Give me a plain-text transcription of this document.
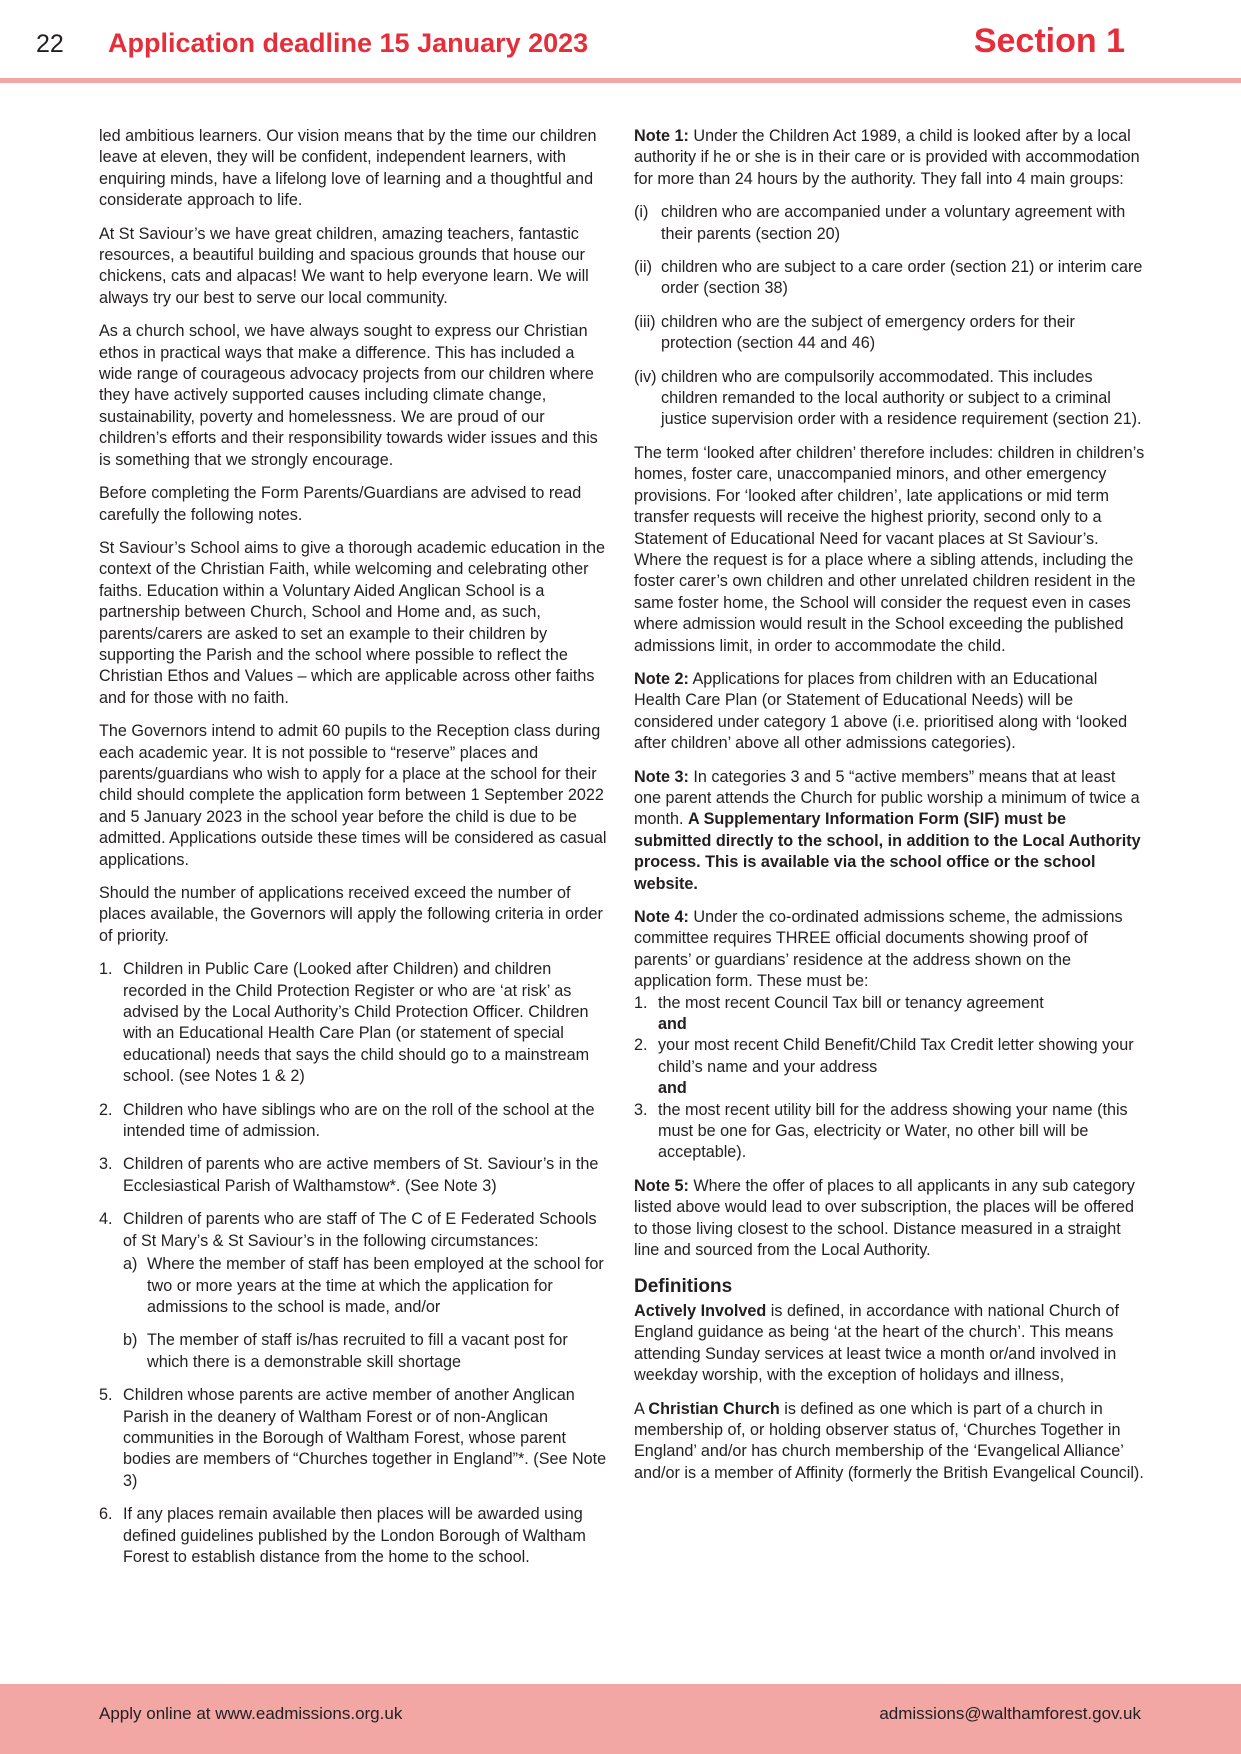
22 Application deadline 15 January 2023	Section 1

led ambitious learners. Our vision means that by the time our children leave at eleven, they will be confident, independent learners, with enquiring minds, have a lifelong love of learning and a thoughtful and considerate approach to life.

At St Saviour’s we have great children, amazing teachers, fantastic resources, a beautiful building and spacious grounds that house our chickens, cats and alpacas! We want to help everyone learn. We will always try our best to serve our local community.

As a church school, we have always sought to express our Christian ethos in practical ways that make a difference. This has included a wide range of courageous advocacy projects from our children where they have actively supported causes including climate change, sustainability, poverty and homelessness. We are proud of our children’s efforts and their responsibility towards wider issues and this is something that we strongly encourage.

Before completing the Form Parents/Guardians are advised to read carefully the following notes.

St Saviour’s School aims to give a thorough academic education in the context of the Christian Faith, while welcoming and celebrating other faiths. Education within a Voluntary Aided Anglican School is a partnership between Church, School and Home and, as such, parents/carers are asked to set an example to their children by supporting the Parish and the school where possible to reflect the Christian Ethos and Values – which are applicable across other faiths and for those with no faith.

The Governors intend to admit 60 pupils to the Reception class during each academic year. It is not possible to “reserve” places and parents/guardians who wish to apply for a place at the school for their child should complete the application form between 1 September 2022 and 5 January 2023 in the school year before the child is due to be admitted. Applications outside these times will be considered as casual applications.

Should the number of applications received exceed the number of places available, the Governors will apply the following criteria in order of priority.

1. Children in Public Care (Looked after Children) and children recorded in the Child Protection Register or who are ‘at risk’ as advised by the Local Authority’s Child Protection Officer. Children with an Educational Health Care Plan (or statement of special educational) needs that says the child should go to a mainstream school. (see Notes 1 & 2)
2. Children who have siblings who are on the roll of the school at the intended time of admission.
3. Children of parents who are active members of St. Saviour’s in the Ecclesiastical Parish of Walthamstow*. (See Note 3)
4. Children of parents who are staff of The C of E Federated Schools of St Mary’s & St Saviour’s in the following circumstances:
a) Where the member of staff has been employed at the school for two or more years at the time at which the application for admissions to the school is made, and/or
b) The member of staff is/has recruited to fill a vacant post for which there is a demonstrable skill shortage
5. Children whose parents are active member of another Anglican Parish in the deanery of Waltham Forest or of non-Anglican communities in the Borough of Waltham Forest, whose parent bodies are members of “Churches together in England”*. (See Note 3)
6. If any places remain available then places will be awarded using defined guidelines published by the London Borough of Waltham Forest to establish distance from the home to the school.

Note 1: Under the Children Act 1989, a child is looked after by a local authority if he or she is in their care or is provided with accommodation for more than 24 hours by the authority. They fall into 4 main groups:

(i) children who are accompanied under a voluntary agreement with their parents (section 20)
(ii) children who are subject to a care order (section 21) or interim care order (section 38)
(iii) children who are the subject of emergency orders for their protection (section 44 and 46)
(iv) children who are compulsorily accommodated. This includes children remanded to the local authority or subject to a criminal justice supervision order with a residence requirement (section 21).

The term ‘looked after children’ therefore includes: children in children’s homes, foster care, unaccompanied minors, and other emergency provisions. For ‘looked after children’, late applications or mid term transfer requests will receive the highest priority, second only to a Statement of Educational Need for vacant places at St Saviour’s. Where the request is for a place where a sibling attends, including the foster carer’s own children and other unrelated children resident in the same foster home, the School will consider the request even in cases where admission would result in the School exceeding the published admissions limit, in order to accommodate the child.

Note 2: Applications for places from children with an Educational Health Care Plan (or Statement of Educational Needs) will be considered under category 1 above (i.e. prioritised along with ‘looked after children’ above all other admissions categories).

Note 3: In categories 3 and 5 “active members” means that at least one parent attends the Church for public worship a minimum of twice a month. A Supplementary Information Form (SIF) must be submitted directly to the school, in addition to the Local Authority process. This is available via the school office or the school website.

Note 4: Under the co-ordinated admissions scheme, the admissions committee requires THREE official documents showing proof of parents’ or guardians’ residence at the address shown on the application form. These must be:

1. the most recent Council Tax bill or tenancy agreement
and
2. your most recent Child Benefit/Child Tax Credit letter showing your child’s name and your address
and
3. the most recent utility bill for the address showing your name (this must be one for Gas, electricity or Water, no other bill will be acceptable).

Note 5: Where the offer of places to all applicants in any sub category listed above would lead to over subscription, the places will be offered to those living closest to the school. Distance measured in a straight line and sourced from the Local Authority.

Definitions

Actively Involved is defined, in accordance with national Church of England guidance as being ‘at the heart of the church’. This means attending Sunday services at least twice a month or/and involved in weekday worship, with the exception of holidays and illness,

A Christian Church is defined as one which is part of a church in membership of, or holding observer status of, ‘Churches Together in England’ and/or has church membership of the ‘Evangelical Alliance’ and/or is a member of Affinity (formerly the British Evangelical Council).

Apply online at www.eadmissions.org.uk	admissions@walthamforest.gov.uk
